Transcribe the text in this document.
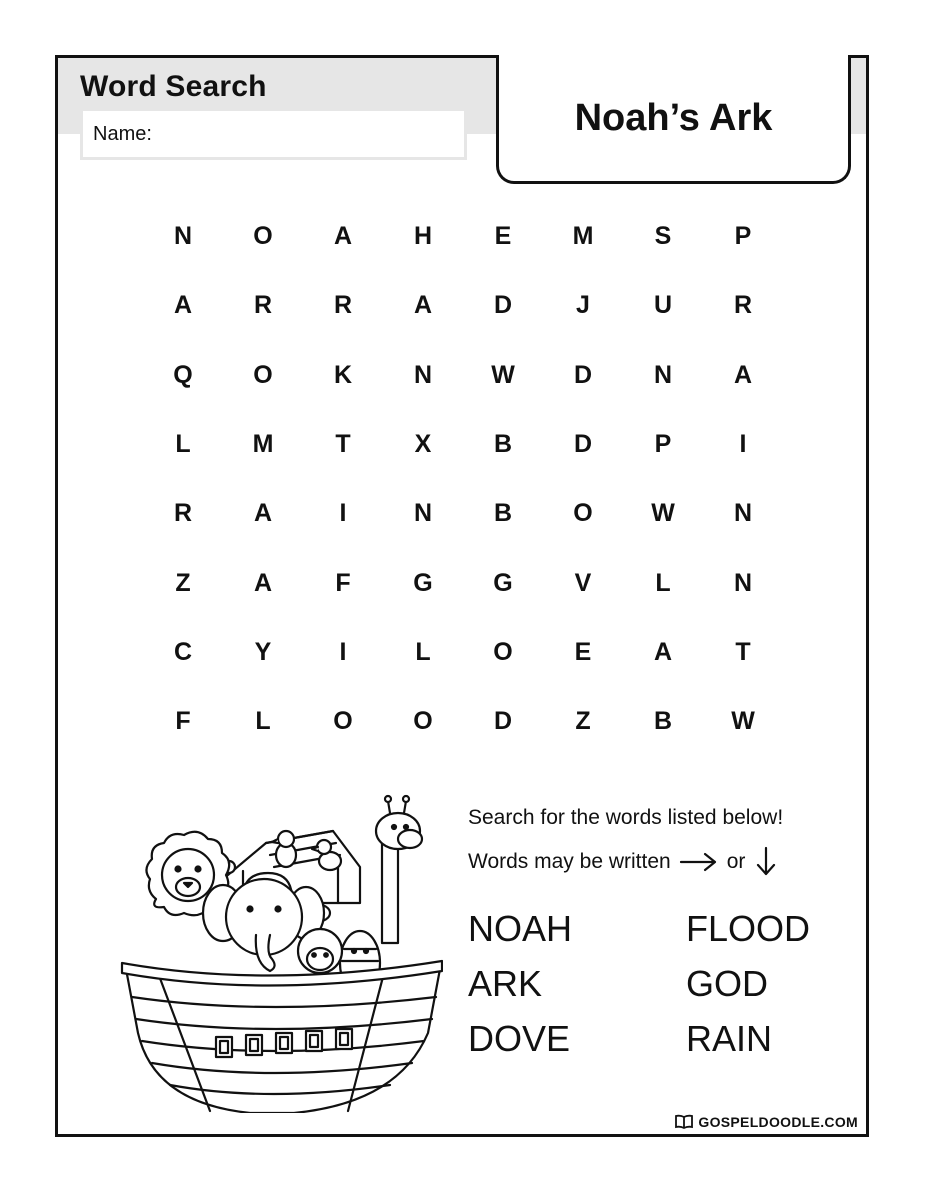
Word Search
Name:	Noah’s Ark
N	O	A	H	E	M	S	P
A	R	R	A	D	J	U	R
Q	O	K	N	W	D	N	A
L	M	T	X	B	D	P	I
R	A	I	N	B	O	W	N
Z	A	F	G	G	V	L	N
C	Y	I	L	O	E	A	T
F	L	O	O	D	Z	B	W
Search for the words listed below!
Words may be written	or
NOAH	FLOOD
ARK	GOD
DOVE	RAIN
GOSPELDOODLE.COM
